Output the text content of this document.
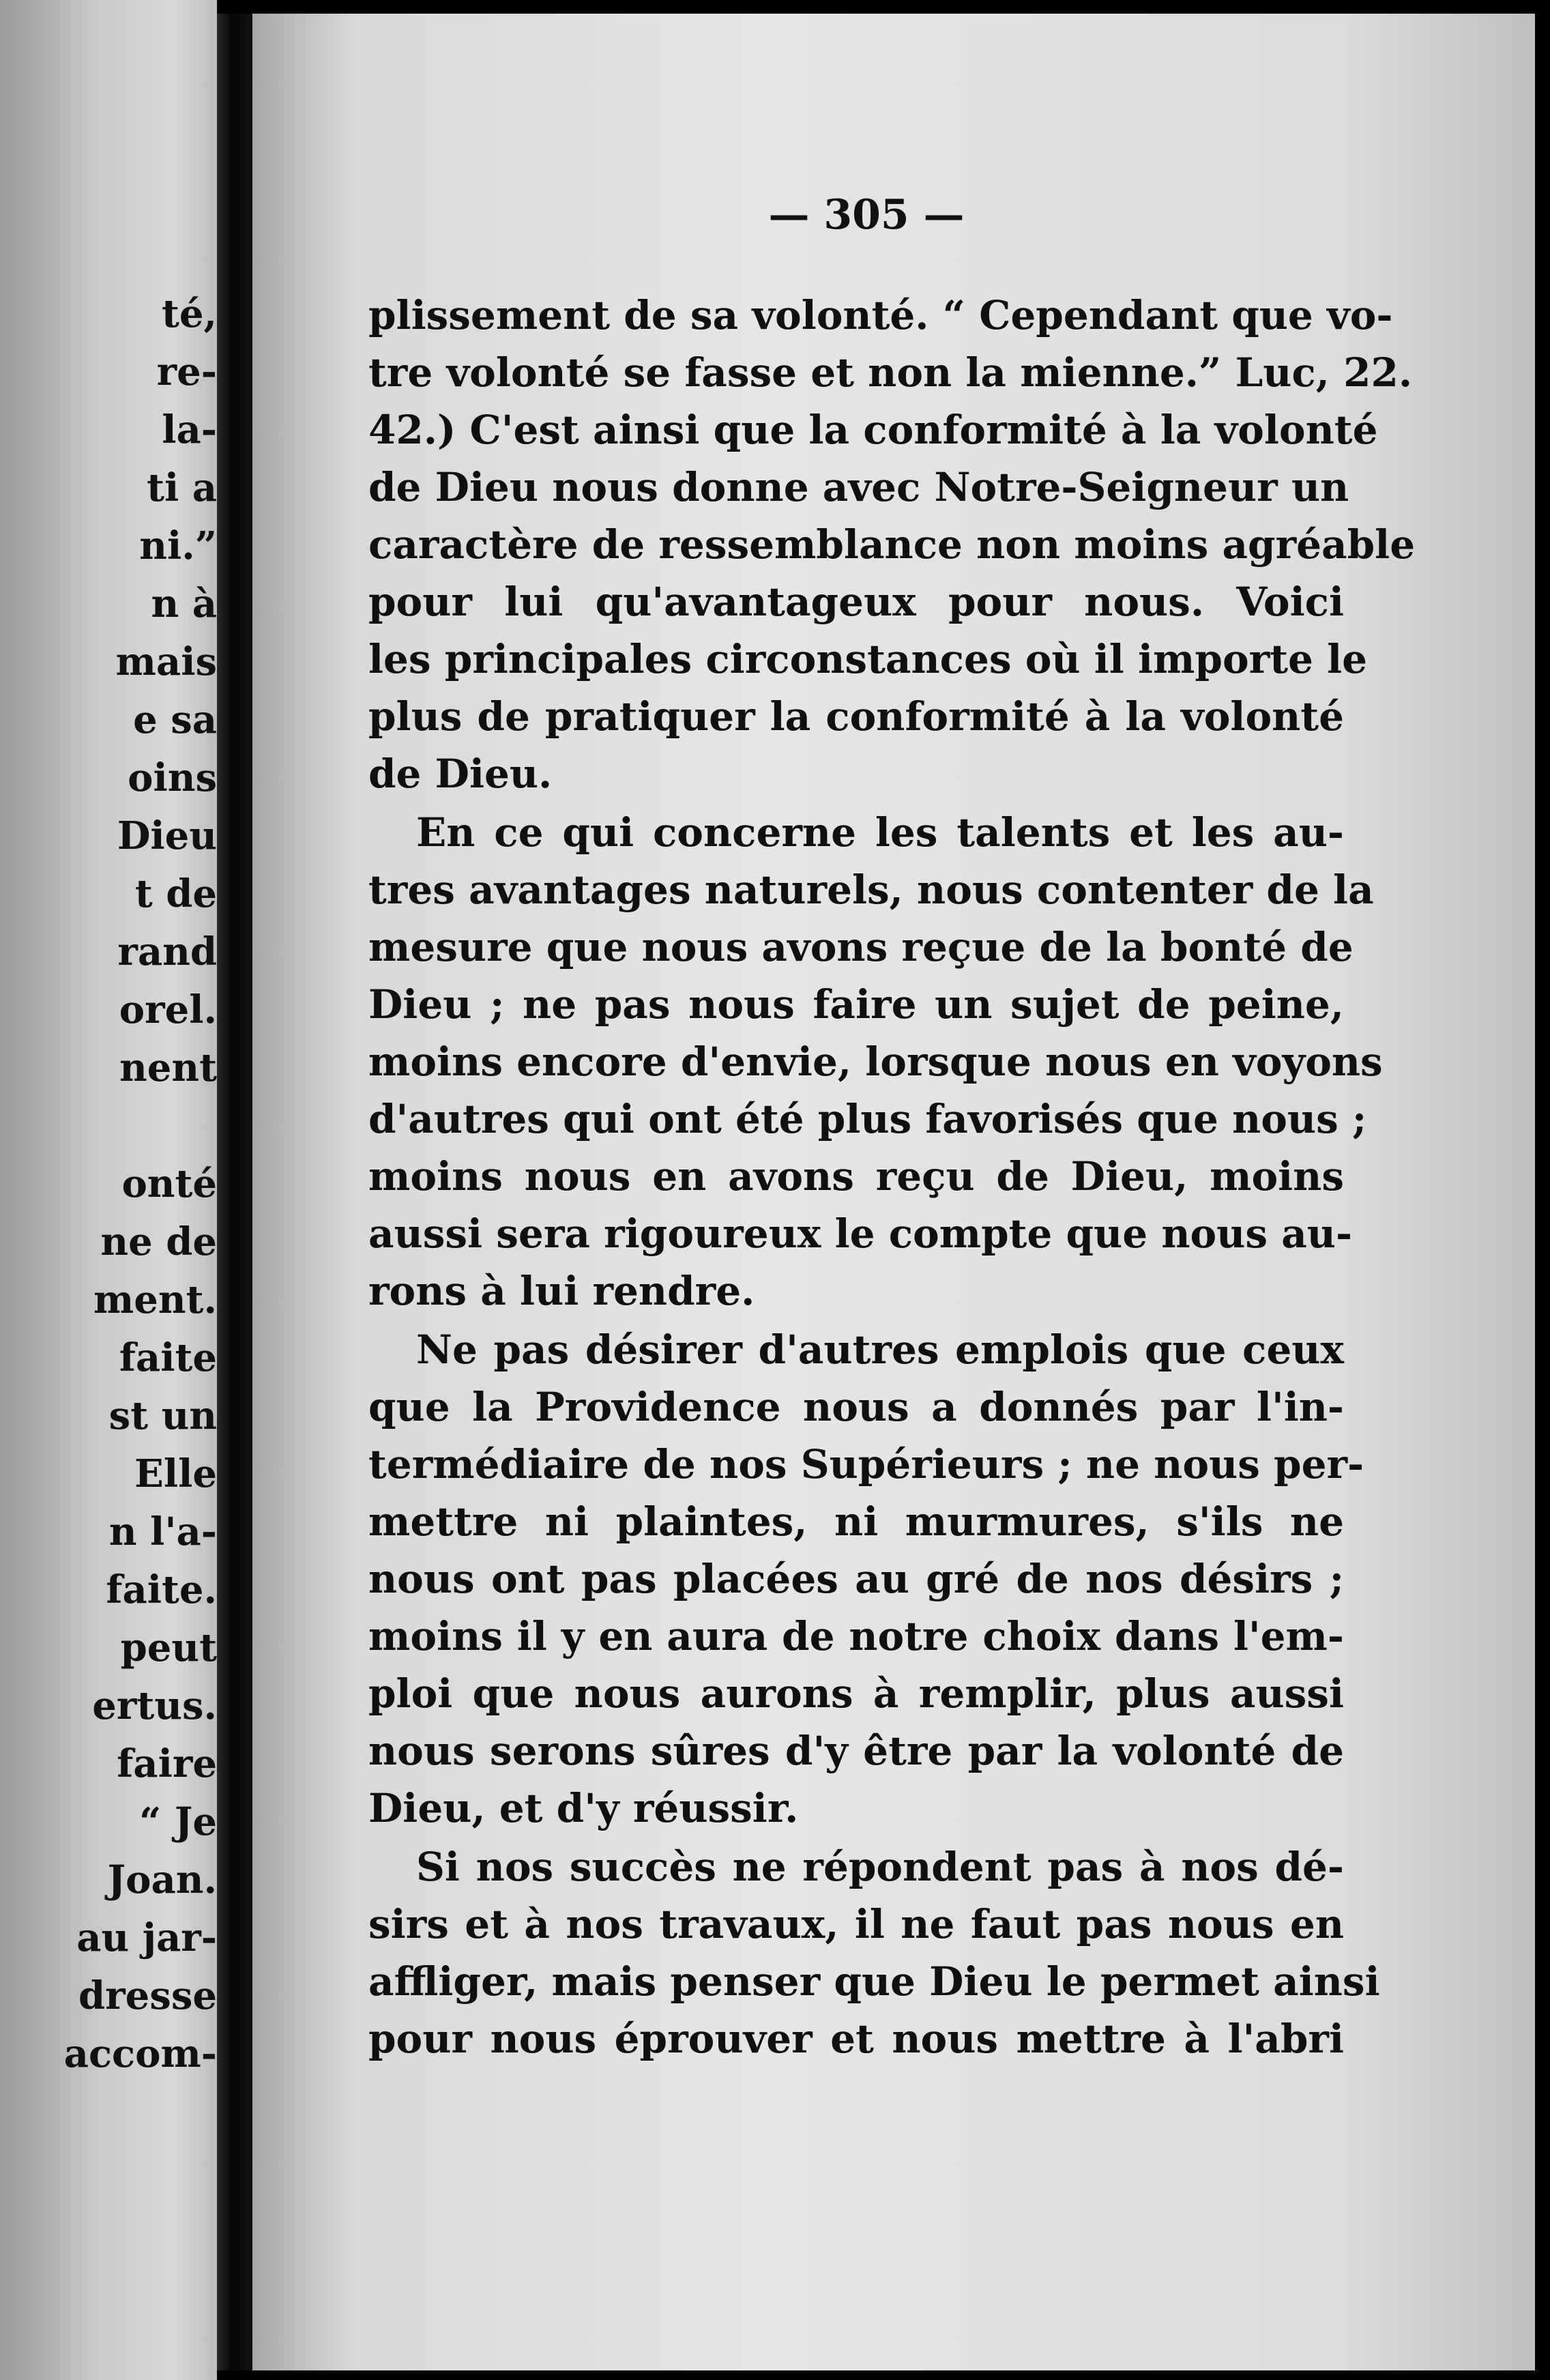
té,
re-
la-
ti a
ni.”
n à
mais
e sa
oins
Dieu
t de
rand
orel.
nent
onté
ne de
ment.
faite
st un
Elle
n l'a-
faite.
peut
ertus.
faire
“ Je
Joan.
au jar-
dresse
accom-
— 305 —
plissement de sa volonté. “ Cependant que vo-
tre volonté se fasse et non la mienne.” Luc, 22.
42.) C'est ainsi que la conformité à la volonté
de Dieu nous donne avec Notre-Seigneur un
caractère de ressemblance non moins agréable
pour lui qu'avantageux pour nous. Voici
les principales circonstances où il importe le
plus de pratiquer la conformité à la volonté
de Dieu.
En ce qui concerne les talents et les au-
tres avantages naturels, nous contenter de la
mesure que nous avons reçue de la bonté de
Dieu ; ne pas nous faire un sujet de peine,
moins encore d'envie, lorsque nous en voyons
d'autres qui ont été plus favorisés que nous ;
moins nous en avons reçu de Dieu, moins
aussi sera rigoureux le compte que nous au-
rons à lui rendre.
Ne pas désirer d'autres emplois que ceux
que la Providence nous a donnés par l'in-
termédiaire de nos Supérieurs ; ne nous per-
mettre ni plaintes, ni murmures, s'ils ne
nous ont pas placées au gré de nos désirs ;
moins il y en aura de notre choix dans l'em-
ploi que nous aurons à remplir, plus aussi
nous serons sûres d'y être par la volonté de
Dieu, et d'y réussir.
Si nos succès ne répondent pas à nos dé-
sirs et à nos travaux, il ne faut pas nous en
affliger, mais penser que Dieu le permet ainsi
pour nous éprouver et nous mettre à l'abri
